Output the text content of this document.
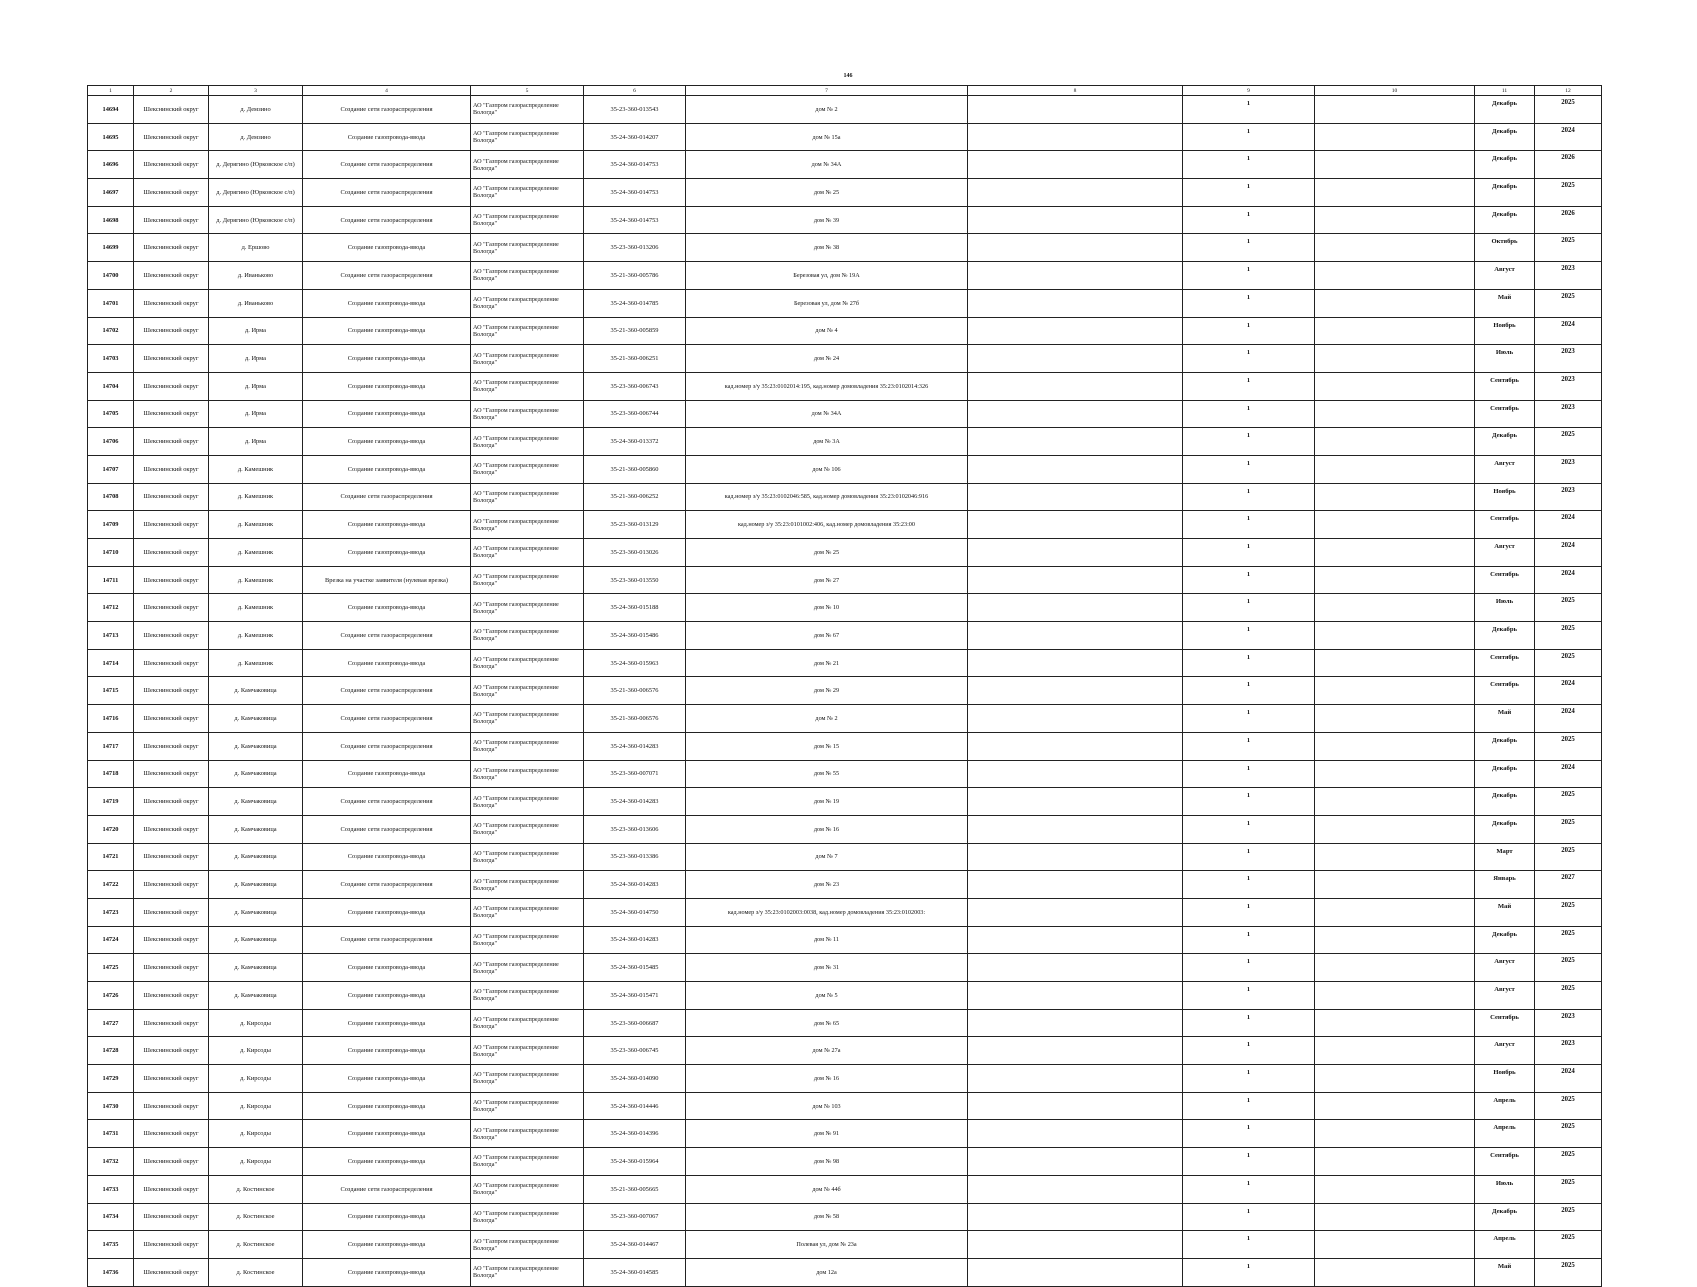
146
1	2	3	4	5	6	7	8	9	10	11	12
14694	Шекснинский округ	д. Демзино	Создание сети газораспределения	АО "Газпром газораспределение Вологда"	35-23-360-013543	дом № 2		1		Декабрь	2025
14695	Шекснинский округ	д. Демзино	Создание газопровода-ввода	АО "Газпром газораспределение Вологда"	35-24-360-014207	дом № 15а		1		Декабрь	2024
14696	Шекснинский округ	д. Дерягино (Юрковское с/п)	Создание сети газораспределения	АО "Газпром газораспределение Вологда"	35-24-360-014753	дом № 34А		1		Декабрь	2026
14697	Шекснинский округ	д. Дерягино (Юрковское с/п)	Создание сети газораспределения	АО "Газпром газораспределение Вологда"	35-24-360-014753	дом № 25		1		Декабрь	2025
14698	Шекснинский округ	д. Дерягино (Юрковское с/п)	Создание сети газораспределения	АО "Газпром газораспределение Вологда"	35-24-360-014753	дом № 39		1		Декабрь	2026
14699	Шекснинский округ	д. Ершово	Создание газопровода-ввода	АО "Газпром газораспределение Вологда"	35-23-360-013206	дом № 38		1		Октябрь	2025
14700	Шекснинский округ	д. Иваньково	Создание сети газораспределения	АО "Газпром газораспределение Вологда"	35-21-360-005786	Березовая ул, дом № 19А		1		Август	2023
14701	Шекснинский округ	д. Иваньково	Создание газопровода-ввода	АО "Газпром газораспределение Вологда"	35-24-360-014785	Березовая ул, дом № 27б		1		Май	2025
14702	Шекснинский округ	д. Ирма	Создание газопровода-ввода	АО "Газпром газораспределение Вологда"	35-21-360-005859	дом № 4		1		Ноябрь	2024
14703	Шекснинский округ	д. Ирма	Создание газопровода-ввода	АО "Газпром газораспределение Вологда"	35-21-360-006251	дом № 24		1		Июль	2023
14704	Шекснинский округ	д. Ирма	Создание газопровода-ввода	АО "Газпром газораспределение Вологда"	35-23-360-006743	кад.номер з/у 35:23:0102014:195, кад.номер домовладения 35:23:0102014:326		1		Сентябрь	2023
14705	Шекснинский округ	д. Ирма	Создание газопровода-ввода	АО "Газпром газораспределение Вологда"	35-23-360-006744	дом № 34А		1		Сентябрь	2023
14706	Шекснинский округ	д. Ирма	Создание газопровода-ввода	АО "Газпром газораспределение Вологда"	35-24-360-013372	дом № 3А		1		Декабрь	2025
14707	Шекснинский округ	д. Камешник	Создание газопровода-ввода	АО "Газпром газораспределение Вологда"	35-21-360-005860	дом № 106		1		Август	2023
14708	Шекснинский округ	д. Камешник	Создание сети газораспределения	АО "Газпром газораспределение Вологда"	35-21-360-006252	кад.номер з/у 35:23:0102046:585, кад.номер домовладения 35:23:0102046:916		1		Ноябрь	2023
14709	Шекснинский округ	д. Камешник	Создание газопровода-ввода	АО "Газпром газораспределение Вологда"	35-23-360-013129	кад.номер з/у 35:23:0101002:406, кад.номер домовладения 35:23:00		1		Сентябрь	2024
14710	Шекснинский округ	д. Камешник	Создание газопровода-ввода	АО "Газпром газораспределение Вологда"	35-23-360-013026	дом № 25		1		Август	2024
14711	Шекснинский округ	д. Камешник	Врезка на участке заявителя (нулевая врезка)	АО "Газпром газораспределение Вологда"	35-23-360-013550	дом № 27		1		Сентябрь	2024
14712	Шекснинский округ	д. Камешник	Создание газопровода-ввода	АО "Газпром газораспределение Вологда"	35-24-360-015188	дом № 10		1		Июль	2025
14713	Шекснинский округ	д. Камешник	Создание сети газораспределения	АО "Газпром газораспределение Вологда"	35-24-360-015486	дом № 67		1		Декабрь	2025
14714	Шекснинский округ	д. Камешник	Создание газопровода-ввода	АО "Газпром газораспределение Вологда"	35-24-360-015963	дом № 21		1		Сентябрь	2025
14715	Шекснинский округ	д. Камчаковица	Создание сети газораспределения	АО "Газпром газораспределение Вологда"	35-21-360-006576	дом № 29		1		Сентябрь	2024
14716	Шекснинский округ	д. Камчаковица	Создание сети газораспределения	АО "Газпром газораспределение Вологда"	35-21-360-006576	дом № 2		1		Май	2024
14717	Шекснинский округ	д. Камчаковица	Создание сети газораспределения	АО "Газпром газораспределение Вологда"	35-24-360-014283	дом № 15		1		Декабрь	2025
14718	Шекснинский округ	д. Камчаковица	Создание газопровода-ввода	АО "Газпром газораспределение Вологда"	35-23-360-007071	дом № 55		1		Декабрь	2024
14719	Шекснинский округ	д. Камчаковица	Создание сети газораспределения	АО "Газпром газораспределение Вологда"	35-24-360-014283	дом № 19		1		Декабрь	2025
14720	Шекснинский округ	д. Камчаковица	Создание сети газораспределения	АО "Газпром газораспределение Вологда"	35-23-360-013606	дом № 16		1		Декабрь	2025
14721	Шекснинский округ	д. Камчаковица	Создание газопровода-ввода	АО "Газпром газораспределение Вологда"	35-23-360-013386	дом № 7		1		Март	2025
14722	Шекснинский округ	д. Камчаковица	Создание сети газораспределения	АО "Газпром газораспределение Вологда"	35-24-360-014283	дом № 23		1		Январь	2027
14723	Шекснинский округ	д. Камчаковица	Создание газопровода-ввода	АО "Газпром газораспределение Вологда"	35-24-360-014750	кад.номер з/у 35:23:0102003:0038, кад.номер домовладения 35:23:0102003:		1		Май	2025
14724	Шекснинский округ	д. Камчаковица	Создание сети газораспределения	АО "Газпром газораспределение Вологда"	35-24-360-014283	дом № 11		1		Декабрь	2025
14725	Шекснинский округ	д. Камчаковица	Создание газопровода-ввода	АО "Газпром газораспределение Вологда"	35-24-360-015485	дом № 31		1		Август	2025
14726	Шекснинский округ	д. Камчаковица	Создание газопровода-ввода	АО "Газпром газораспределение Вологда"	35-24-360-015471	дом № 5		1		Август	2025
14727	Шекснинский округ	д. Кирсоды	Создание газопровода-ввода	АО "Газпром газораспределение Вологда"	35-23-360-006687	дом № 65		1		Сентябрь	2023
14728	Шекснинский округ	д. Кирсоды	Создание газопровода-ввода	АО "Газпром газораспределение Вологда"	35-23-360-006745	дом № 27а		1		Август	2023
14729	Шекснинский округ	д. Кирсоды	Создание газопровода-ввода	АО "Газпром газораспределение Вологда"	35-24-360-014090	дом № 16		1		Ноябрь	2024
14730	Шекснинский округ	д. Кирсоды	Создание газопровода-ввода	АО "Газпром газораспределение Вологда"	35-24-360-014446	дом № 103		1		Апрель	2025
14731	Шекснинский округ	д. Кирсоды	Создание газопровода-ввода	АО "Газпром газораспределение Вологда"	35-24-360-014396	дом № 91		1		Апрель	2025
14732	Шекснинский округ	д. Кирсоды	Создание газопровода-ввода	АО "Газпром газораспределение Вологда"	35-24-360-015964	дом № 98		1		Сентябрь	2025
14733	Шекснинский округ	д. Костинское	Создание сети газораспределения	АО "Газпром газораспределение Вологда"	35-21-360-005665	дом № 44б		1		Июль	2025
14734	Шекснинский округ	д. Костинское	Создание газопровода-ввода	АО "Газпром газораспределение Вологда"	35-23-360-007067	дом № 58		1		Декабрь	2025
14735	Шекснинский округ	д. Костинское	Создание газопровода-ввода	АО "Газпром газораспределение Вологда"	35-24-360-014467	Полевая ул, дом № 23а		1		Апрель	2025
14736	Шекснинский округ	д. Костинское	Создание газопровода-ввода	АО "Газпром газораспределение Вологда"	35-24-360-014585	дом 12а		1		Май	2025
